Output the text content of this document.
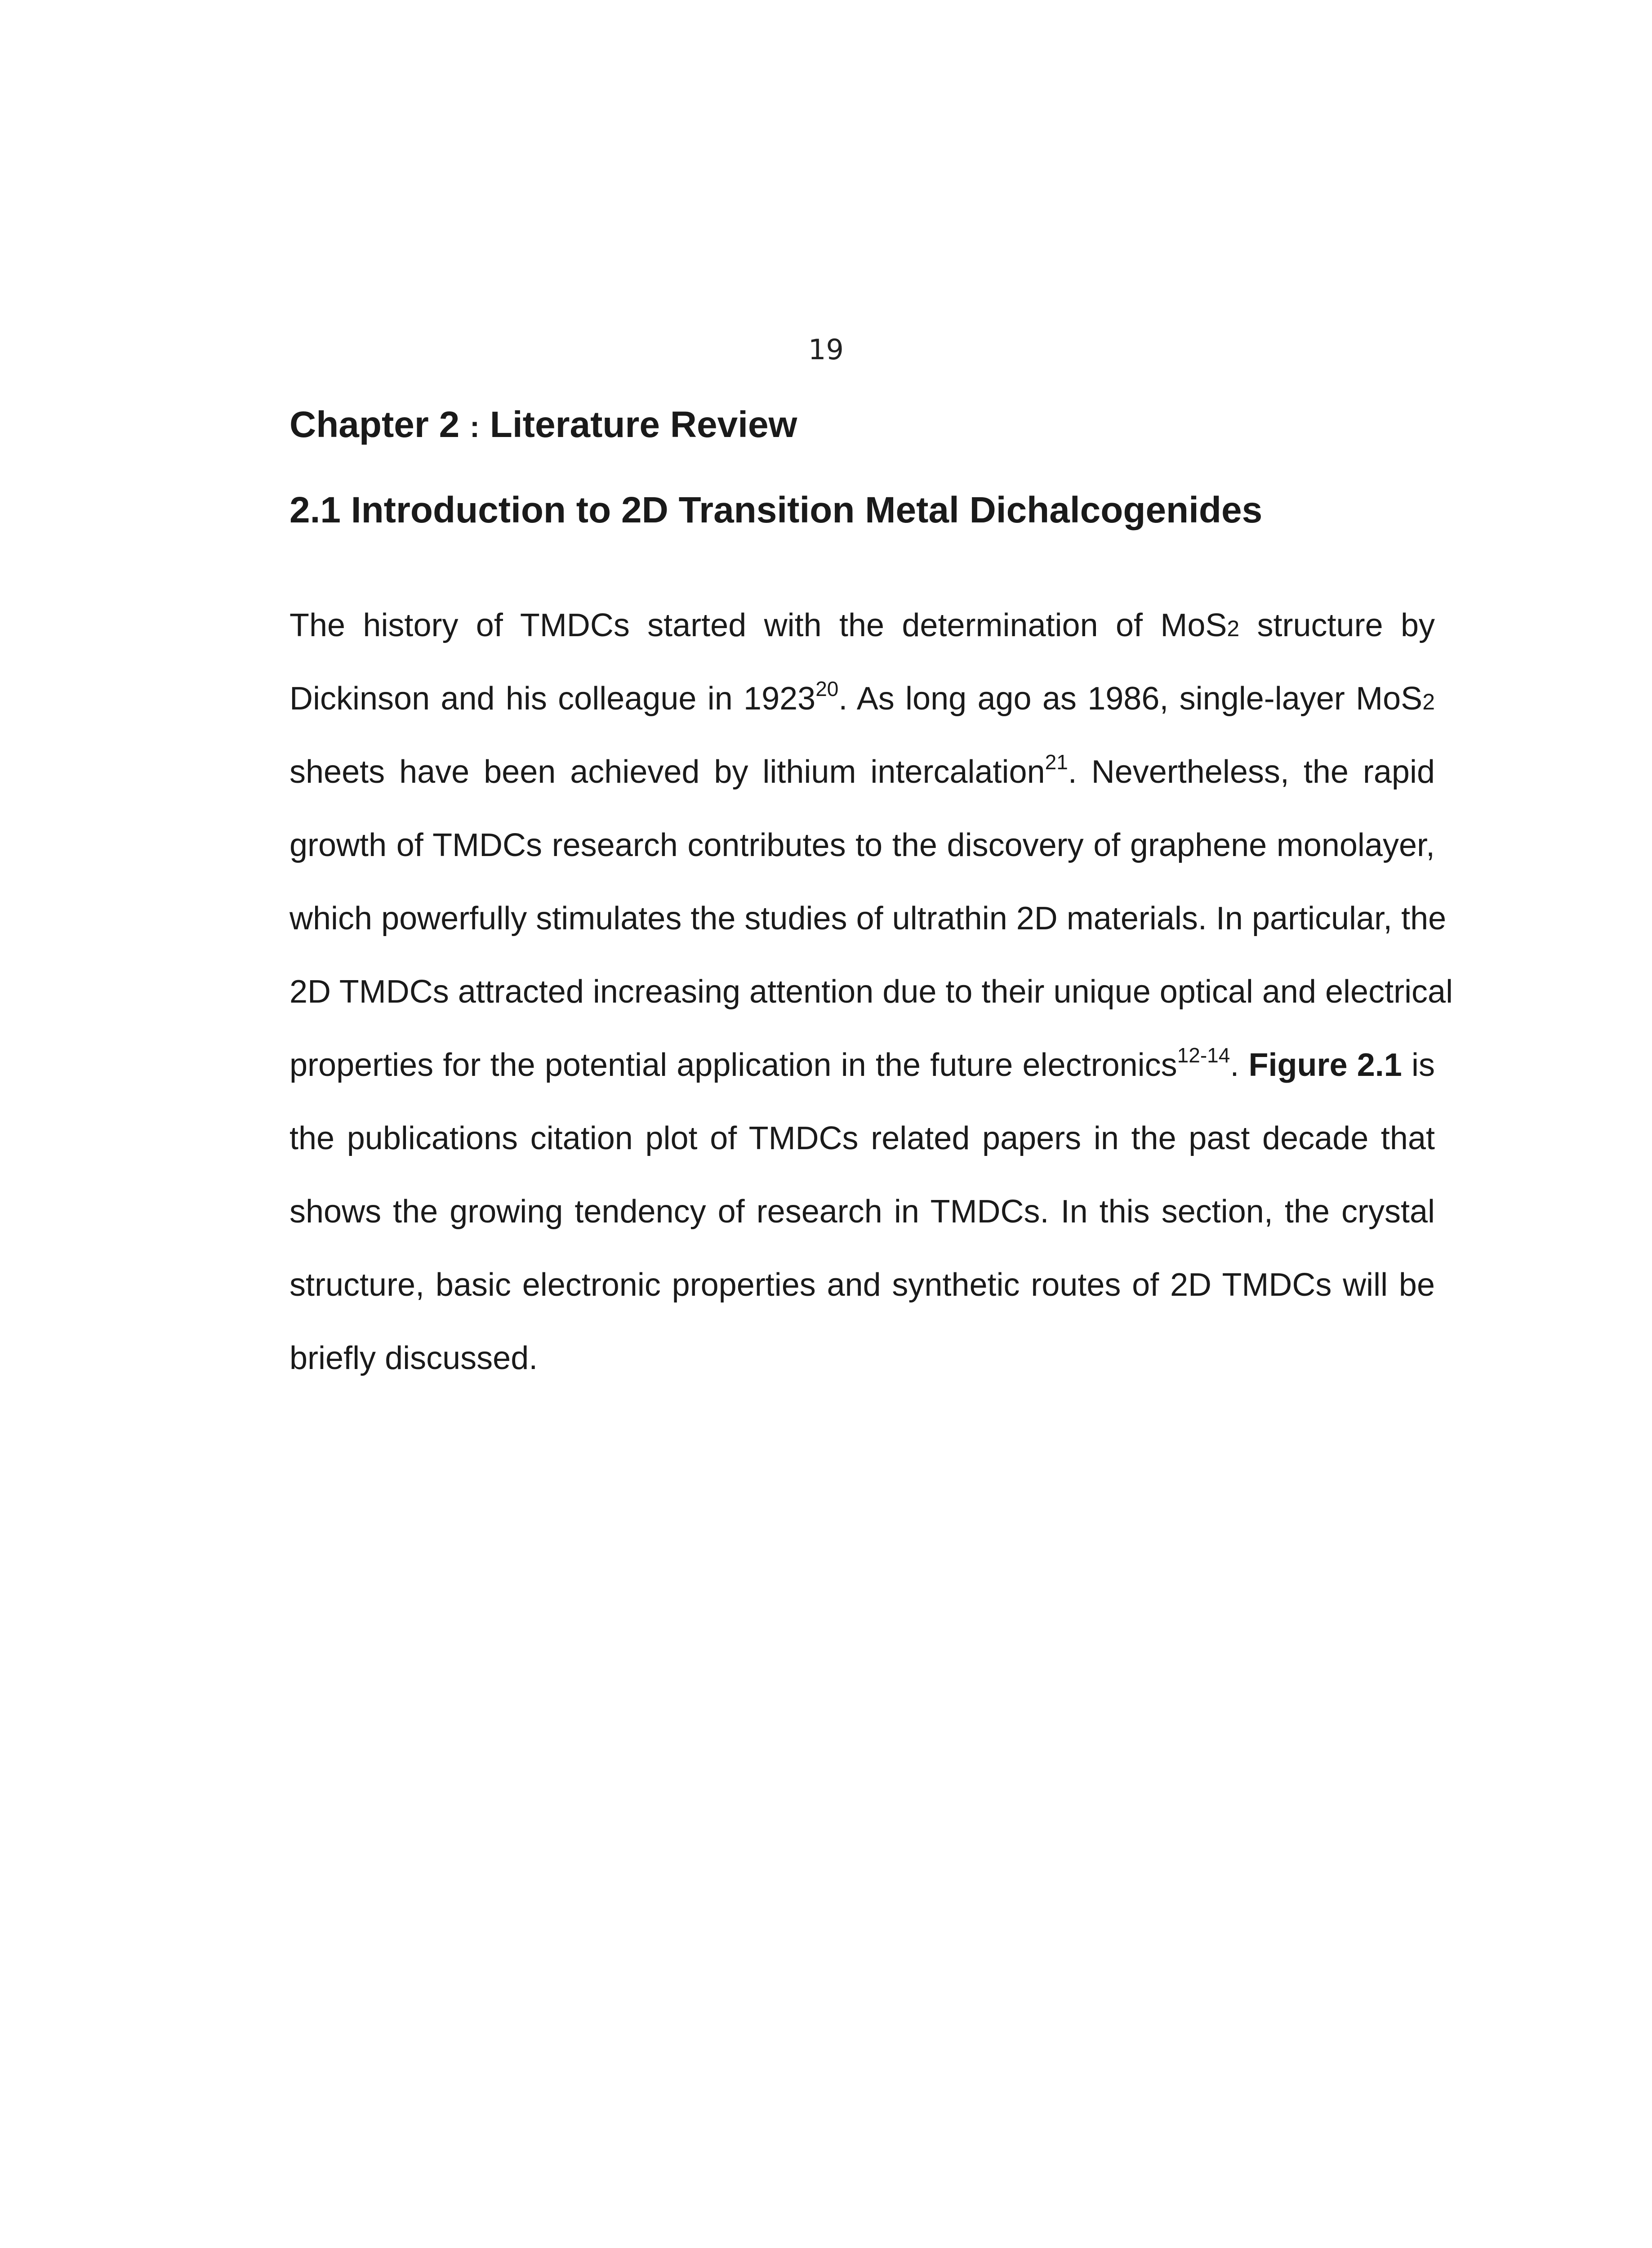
19
Chapter 2 : Literature Review
2.1 Introduction to 2D Transition Metal Dichalcogenides
The history of TMDCs started with the determination of MoS2 structure by
Dickinson and his colleague in 1923$^{20}$. As long ago as 1986, single-layer MoS2
sheets have been achieved by lithium intercalation$^{21}$. Nevertheless, the rapid
growth of TMDCs research contributes to the discovery of graphene monolayer,
which powerfully stimulates the studies of ultrathin 2D materials. In particular, the
2D TMDCs attracted increasing attention due to their unique optical and electrical
properties for the potential application in the future electronics$^{12-14}$. Figure 2.1 is
the publications citation plot of TMDCs related papers in the past decade that
shows the growing tendency of research in TMDCs. In this section, the crystal
structure, basic electronic properties and synthetic routes of 2D TMDCs will be
briefly discussed.
